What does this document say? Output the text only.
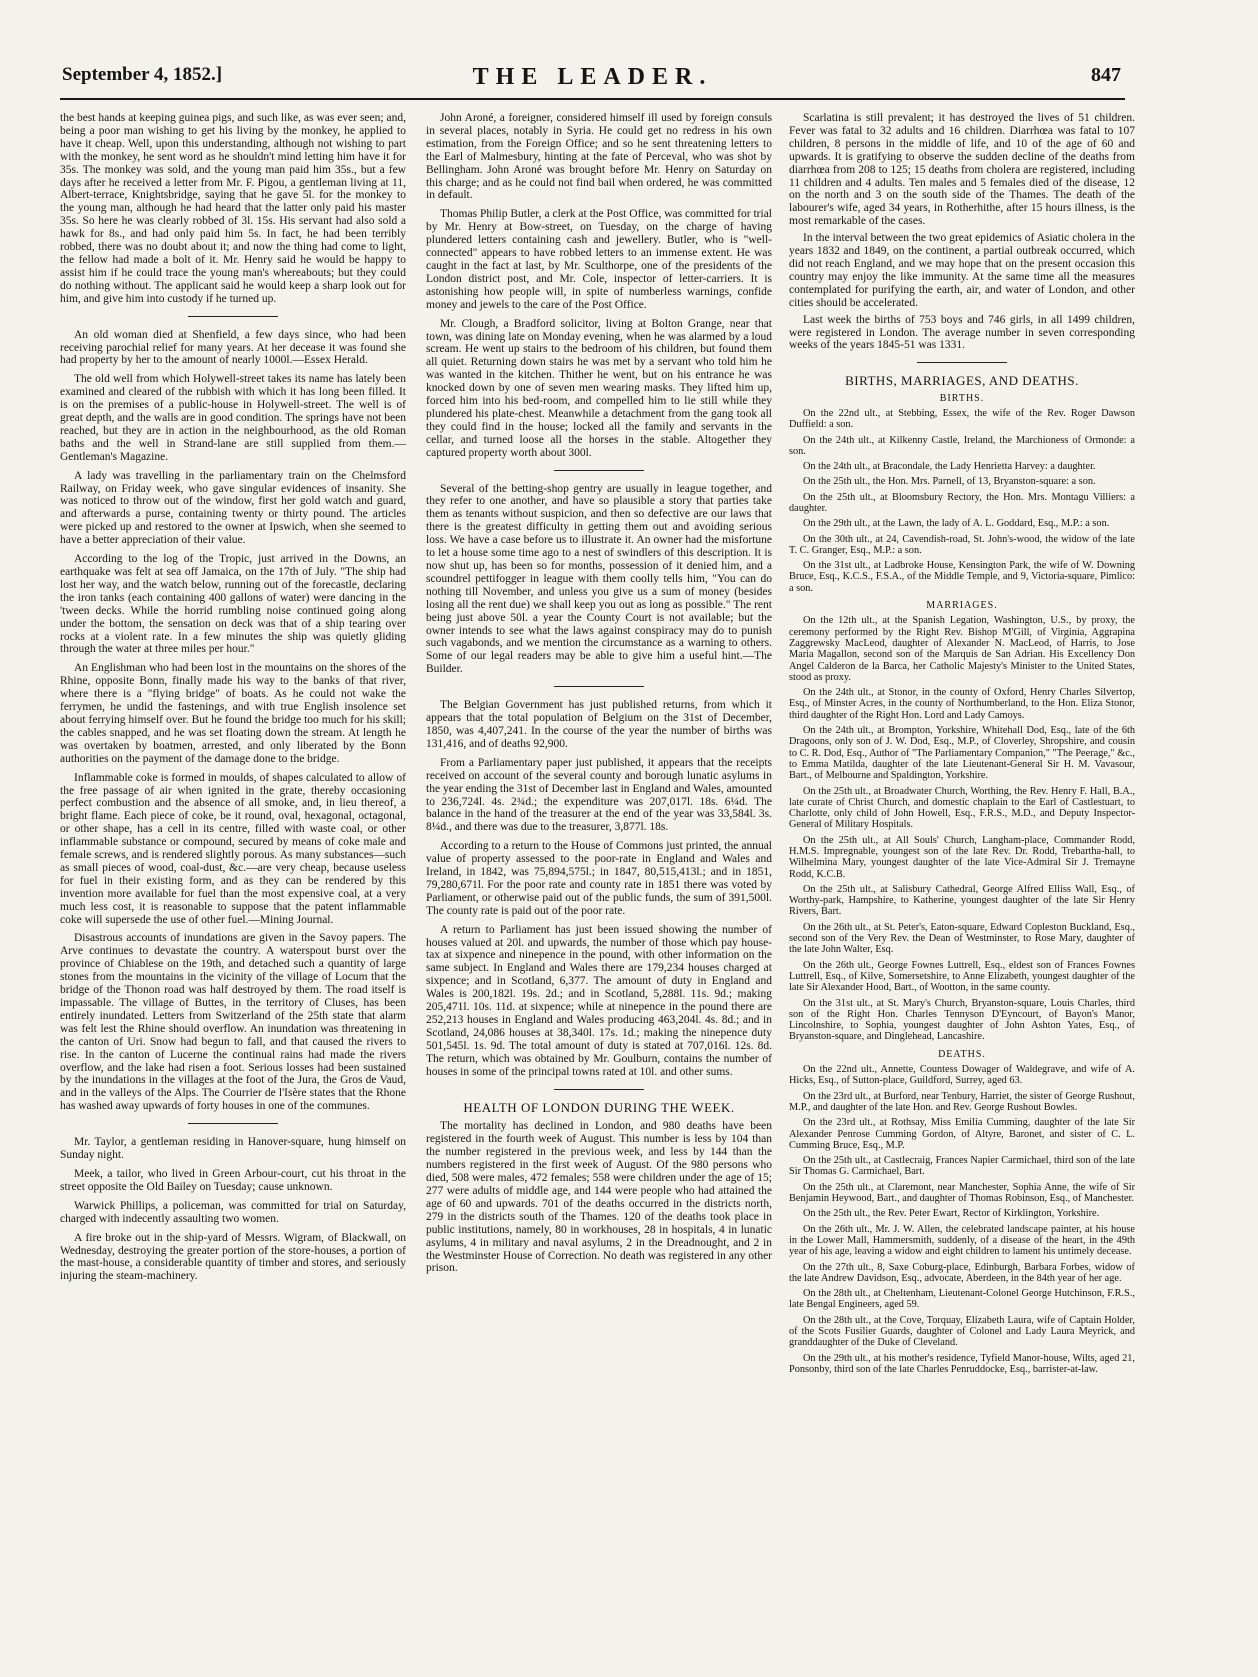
September 4, 1852.]	THE LEADER.	847

the best hands at keeping guinea pigs, and such like, as was ever seen; and, being a poor man wishing to get his living by the monkey, he applied to have it cheap. Well, upon this understanding, although not wishing to part with the monkey, he sent word as he shouldn't mind letting him have it for 35s. The monkey was sold, and the young man paid him 35s., but a few days after he received a letter from Mr. F. Pigou, a gentleman living at 11, Albert-terrace, Knightsbridge, saying that he gave 5l. for the monkey to the young man, although he had heard that the latter only paid his master 35s. So here he was clearly robbed of 3l. 15s. His servant had also sold a hawk for 8s., and had only paid him 5s. In fact, he had been terribly robbed, there was no doubt about it; and now the thing had come to light, the fellow had made a bolt of it. Mr. Henry said he would be happy to assist him if he could trace the young man's whereabouts; but they could do nothing without. The applicant said he would keep a sharp look out for him, and give him into custody if he turned up.

An old woman died at Shenfield, a few days since, who had been receiving parochial relief for many years. At her decease it was found she had property by her to the amount of nearly 1000l.—Essex Herald.

The old well from which Holywell-street takes its name has lately been examined and cleared of the rubbish with which it has long been filled. It is on the premises of a public-house in Holywell-street. The well is of great depth, and the walls are in good condition. The springs have not been reached, but they are in action in the neighbourhood, as the old Roman baths and the well in Strand-lane are still supplied from them.—Gentleman's Magazine.

A lady was travelling in the parliamentary train on the Chelmsford Railway, on Friday week, who gave singular evidences of insanity. She was noticed to throw out of the window, first her gold watch and guard, and afterwards a purse, containing twenty or thirty pound. The articles were picked up and restored to the owner at Ipswich, when she seemed to have a better appreciation of their value.

According to the log of the Tropic, just arrived in the Downs, an earthquake was felt at sea off Jamaica, on the 17th of July. "The ship had lost her way, and the watch below, running out of the forecastle, declaring the iron tanks (each containing 400 gallons of water) were dancing in the 'tween decks. While the horrid rumbling noise continued going along under the bottom, the sensation on deck was that of a ship tearing over rocks at a violent rate. In a few minutes the ship was quietly gliding through the water at three miles per hour."

An Englishman who had been lost in the mountains on the shores of the Rhine, opposite Bonn, finally made his way to the banks of that river, where there is a "flying bridge" of boats. As he could not wake the ferrymen, he undid the fastenings, and with true English insolence set about ferrying himself over. But he found the bridge too much for his skill; the cables snapped, and he was set floating down the stream. At length he was overtaken by boatmen, arrested, and only liberated by the Bonn authorities on the payment of the damage done to the bridge.

Inflammable coke is formed in moulds, of shapes calculated to allow of the free passage of air when ignited in the grate, thereby occasioning perfect combustion and the absence of all smoke, and, in lieu thereof, a bright flame. Each piece of coke, be it round, oval, hexagonal, octagonal, or other shape, has a cell in its centre, filled with waste coal, or other inflammable substance or compound, secured by means of coke male and female screws, and is rendered slightly porous. As many substances—such as small pieces of wood, coal-dust, &c.—are very cheap, because useless for fuel in their existing form, and as they can be rendered by this invention more available for fuel than the most expensive coal, at a very much less cost, it is reasonable to suppose that the patent inflammable coke will supersede the use of other fuel.—Mining Journal.

Disastrous accounts of inundations are given in the Savoy papers. The Arve continues to devastate the country. A waterspout burst over the province of Chiablese on the 19th, and detached such a quantity of large stones from the mountains in the vicinity of the village of Locum that the bridge of the Thonon road was half destroyed by them. The road itself is impassable. The village of Buttes, in the territory of Cluses, has been entirely inundated. Letters from Switzerland of the 25th state that alarm was felt lest the Rhine should overflow. An inundation was threatening in the canton of Uri. Snow had begun to fall, and that caused the rivers to rise. In the canton of Lucerne the continual rains had made the rivers overflow, and the lake had risen a foot. Serious losses had been sustained by the inundations in the villages at the foot of the Jura, the Gros de Vaud, and in the valleys of the Alps. The Courrier de l'Isère states that the Rhone has washed away upwards of forty houses in one of the communes.

Mr. Taylor, a gentleman residing in Hanover-square, hung himself on Sunday night.

Meek, a tailor, who lived in Green Arbour-court, cut his throat in the street opposite the Old Bailey on Tuesday; cause unknown.

Warwick Phillips, a policeman, was committed for trial on Saturday, charged with indecently assaulting two women.

A fire broke out in the ship-yard of Messrs. Wigram, of Blackwall, on Wednesday, destroying the greater portion of the store-houses, a portion of the mast-house, a considerable quantity of timber and stores, and seriously injuring the steam-machinery.

John Aroné, a foreigner, considered himself ill used by foreign consuls in several places, notably in Syria. He could get no redress in his own estimation, from the Foreign Office; and so he sent threatening letters to the Earl of Malmesbury, hinting at the fate of Perceval, who was shot by Bellingham. John Aroné was brought before Mr. Henry on Saturday on this charge; and as he could not find bail when ordered, he was committed in default.

Thomas Philip Butler, a clerk at the Post Office, was committed for trial by Mr. Henry at Bow-street, on Tuesday, on the charge of having plundered letters containing cash and jewellery. Butler, who is "well-connected" appears to have robbed letters to an immense extent. He was caught in the fact at last, by Mr. Sculthorpe, one of the presidents of the London district post, and Mr. Cole, inspector of letter-carriers. It is astonishing how people will, in spite of numberless warnings, confide money and jewels to the care of the Post Office.

Mr. Clough, a Bradford solicitor, living at Bolton Grange, near that town, was dining late on Monday evening, when he was alarmed by a loud scream. He went up stairs to the bedroom of his children, but found them all quiet. Returning down stairs he was met by a servant who told him he was wanted in the kitchen. Thither he went, but on his entrance he was knocked down by one of seven men wearing masks. They lifted him up, forced him into his bed-room, and compelled him to lie still while they plundered his plate-chest. Meanwhile a detachment from the gang took all they could find in the house; locked all the family and servants in the cellar, and turned loose all the horses in the stable. Altogether they captured property worth about 300l.

Several of the betting-shop gentry are usually in league together, and they refer to one another, and have so plausible a story that parties take them as tenants without suspicion, and then so defective are our laws that there is the greatest difficulty in getting them out and avoiding serious loss. We have a case before us to illustrate it. An owner had the misfortune to let a house some time ago to a nest of swindlers of this description. It is now shut up, has been so for months, possession of it denied him, and a scoundrel pettifogger in league with them coolly tells him, "You can do nothing till November, and unless you give us a sum of money (besides losing all the rent due) we shall keep you out as long as possible." The rent being just above 50l. a year the County Court is not available; but the owner intends to see what the laws against conspiracy may do to punish such vagabonds, and we mention the circumstance as a warning to others. Some of our legal readers may be able to give him a useful hint.—The Builder.

The Belgian Government has just published returns, from which it appears that the total population of Belgium on the 31st of December, 1850, was 4,407,241. In the course of the year the number of births was 131,416, and of deaths 92,900.

From a Parliamentary paper just published, it appears that the receipts received on account of the several county and borough lunatic asylums in the year ending the 31st of December last in England and Wales, amounted to 236,724l. 4s. 2¾d.; the expenditure was 207,017l. 18s. 6¼d. The balance in the hand of the treasurer at the end of the year was 33,584l. 3s. 8¼d., and there was due to the treasurer, 3,877l. 18s.

According to a return to the House of Commons just printed, the annual value of property assessed to the poor-rate in England and Wales and Ireland, in 1842, was 75,894,575l.; in 1847, 80,515,413l.; and in 1851, 79,280,671l. For the poor rate and county rate in 1851 there was voted by Parliament, or otherwise paid out of the public funds, the sum of 391,500l. The county rate is paid out of the poor rate.

A return to Parliament has just been issued showing the number of houses valued at 20l. and upwards, the number of those which pay house-tax at sixpence and ninepence in the pound, with other information on the same subject. In England and Wales there are 179,234 houses charged at sixpence; and in Scotland, 6,377. The amount of duty in England and Wales is 200,182l. 19s. 2d.; and in Scotland, 5,288l. 11s. 9d.; making 205,471l. 10s. 11d. at sixpence; while at ninepence in the pound there are 252,213 houses in England and Wales producing 463,204l. 4s. 8d.; and in Scotland, 24,086 houses at 38,340l. 17s. 1d.; making the ninepence duty 501,545l. 1s. 9d. The total amount of duty is stated at 707,016l. 12s. 8d. The return, which was obtained by Mr. Goulburn, contains the number of houses in some of the principal towns rated at 10l. and other sums.

HEALTH OF LONDON DURING THE WEEK.

The mortality has declined in London, and 980 deaths have been registered in the fourth week of August. This number is less by 104 than the number registered in the previous week, and less by 144 than the numbers registered in the first week of August. Of the 980 persons who died, 508 were males, 472 females; 558 were children under the age of 15; 277 were adults of middle age, and 144 were people who had attained the age of 60 and upwards. 701 of the deaths occurred in the districts north, 279 in the districts south of the Thames. 120 of the deaths took place in public institutions, namely, 80 in workhouses, 28 in hospitals, 4 in lunatic asylums, 4 in military and naval asylums, 2 in the Dreadnought, and 2 in the Westminster House of Correction. No death was registered in any other prison.

Scarlatina is still prevalent; it has destroyed the lives of 51 children. Fever was fatal to 32 adults and 16 children. Diarrhœa was fatal to 107 children, 8 persons in the middle of life, and 10 of the age of 60 and upwards. It is gratifying to observe the sudden decline of the deaths from diarrhœa from 208 to 125; 15 deaths from cholera are registered, including 11 children and 4 adults. Ten males and 5 females died of the disease, 12 on the north and 3 on the south side of the Thames. The death of the labourer's wife, aged 34 years, in Rotherhithe, after 15 hours illness, is the most remarkable of the cases.

In the interval between the two great epidemics of Asiatic cholera in the years 1832 and 1849, on the continent, a partial outbreak occurred, which did not reach England, and we may hope that on the present occasion this country may enjoy the like immunity. At the same time all the measures contemplated for purifying the earth, air, and water of London, and other cities should be accelerated.

Last week the births of 753 boys and 746 girls, in all 1499 children, were registered in London. The average number in seven corresponding weeks of the years 1845-51 was 1331.

BIRTHS, MARRIAGES, AND DEATHS.
BIRTHS.

On the 22nd ult., at Stebbing, Essex, the wife of the Rev. Roger Dawson Duffield: a son.

On the 24th ult., at Kilkenny Castle, Ireland, the Marchioness of Ormonde: a son.

On the 24th ult., at Bracondale, the Lady Henrietta Harvey: a daughter.

On the 25th ult., the Hon. Mrs. Parnell, of 13, Bryanston-square: a son.

On the 25th ult., at Bloomsbury Rectory, the Hon. Mrs. Montagu Villiers: a daughter.

On the 29th ult., at the Lawn, the lady of A. L. Goddard, Esq., M.P.: a son.

On the 30th ult., at 24, Cavendish-road, St. John's-wood, the widow of the late T. C. Granger, Esq., M.P.: a son.

On the 31st ult., at Ladbroke House, Kensington Park, the wife of W. Downing Bruce, Esq., K.C.S., F.S.A., of the Middle Temple, and 9, Victoria-square, Pimlico: a son.

MARRIAGES.

On the 12th ult., at the Spanish Legation, Washington, U.S., by proxy, the ceremony performed by the Right Rev. Bishop M'Gill, of Virginia, Aggrapina Zaggrewsky MacLeod, daughter of Alexander N. MacLeod, of Harris, to Jose Maria Magallon, second son of the Marquis de San Adrian. His Excellency Don Angel Calderon de la Barca, her Catholic Majesty's Minister to the United States, stood as proxy.

On the 24th ult., at Stonor, in the county of Oxford, Henry Charles Silvertop, Esq., of Minster Acres, in the county of Northumberland, to the Hon. Eliza Stonor, third daughter of the Right Hon. Lord and Lady Camoys.

On the 24th ult., at Brompton, Yorkshire, Whitehall Dod, Esq., late of the 6th Dragoons, only son of J. W. Dod, Esq., M.P., of Cloverley, Shropshire, and cousin to C. R. Dod, Esq., Author of "The Parliamentary Companion," "The Peerage," &c., to Emma Matilda, daughter of the late Lieutenant-General Sir H. M. Vavasour, Bart., of Melbourne and Spaldington, Yorkshire.

On the 25th ult., at Broadwater Church, Worthing, the Rev. Henry F. Hall, B.A., late curate of Christ Church, and domestic chaplain to the Earl of Castlestuart, to Charlotte, only child of John Howell, Esq., F.R.S., M.D., and Deputy Inspector-General of Military Hospitals.

On the 25th ult., at All Souls' Church, Langham-place, Commander Rodd, H.M.S. Impregnable, youngest son of the late Rev. Dr. Rodd, Trebartha-hall, to Wilhelmina Mary, youngest daughter of the late Vice-Admiral Sir J. Tremayne Rodd, K.C.B.

On the 25th ult., at Salisbury Cathedral, George Alfred Elliss Wall, Esq., of Worthy-park, Hampshire, to Katherine, youngest daughter of the late Sir Henry Rivers, Bart.

On the 26th ult., at St. Peter's, Eaton-square, Edward Copleston Buckland, Esq., second son of the Very Rev. the Dean of Westminster, to Rose Mary, daughter of the late John Walter, Esq.

On the 26th ult., George Fownes Luttrell, Esq., eldest son of Frances Fownes Luttrell, Esq., of Kilve, Somersetshire, to Anne Elizabeth, youngest daughter of the late Sir Alexander Hood, Bart., of Wootton, in the same county.

On the 31st ult., at St. Mary's Church, Bryanston-square, Louis Charles, third son of the Right Hon. Charles Tennyson D'Eyncourt, of Bayon's Manor, Lincolnshire, to Sophia, youngest daughter of John Ashton Yates, Esq., of Bryanston-square, and Dinglehead, Lancashire.

DEATHS.

On the 22nd ult., Annette, Countess Dowager of Waldegrave, and wife of A. Hicks, Esq., of Sutton-place, Guildford, Surrey, aged 63.

On the 23rd ult., at Burford, near Tenbury, Harriet, the sister of George Rushout, M.P., and daughter of the late Hon. and Rev. George Rushout Bowles.

On the 23rd ult., at Rothsay, Miss Emilia Cumming, daughter of the late Sir Alexander Penrose Cumming Gordon, of Altyre, Baronet, and sister of C. L. Cumming Bruce, Esq., M.P.

On the 25th ult., at Castlecraig, Frances Napier Carmichael, third son of the late Sir Thomas G. Carmichael, Bart.

On the 25th ult., at Claremont, near Manchester, Sophia Anne, the wife of Sir Benjamin Heywood, Bart., and daughter of Thomas Robinson, Esq., of Manchester.

On the 25th ult., the Rev. Peter Ewart, Rector of Kirklington, Yorkshire.

On the 26th ult., Mr. J. W. Allen, the celebrated landscape painter, at his house in the Lower Mall, Hammersmith, suddenly, of a disease of the heart, in the 49th year of his age, leaving a widow and eight children to lament his untimely decease.

On the 27th ult., 8, Saxe Coburg-place, Edinburgh, Barbara Forbes, widow of the late Andrew Davidson, Esq., advocate, Aberdeen, in the 84th year of her age.

On the 28th ult., at Cheltenham, Lieutenant-Colonel George Hutchinson, F.R.S., late Bengal Engineers, aged 59.

On the 28th ult., at the Cove, Torquay, Elizabeth Laura, wife of Captain Holder, of the Scots Fusilier Guards, daughter of Colonel and Lady Laura Meyrick, and granddaughter of the Duke of Cleveland.

On the 29th ult., at his mother's residence, Tyfield Manor-house, Wilts, aged 21, Ponsonby, third son of the late Charles Penruddocke, Esq., barrister-at-law.
